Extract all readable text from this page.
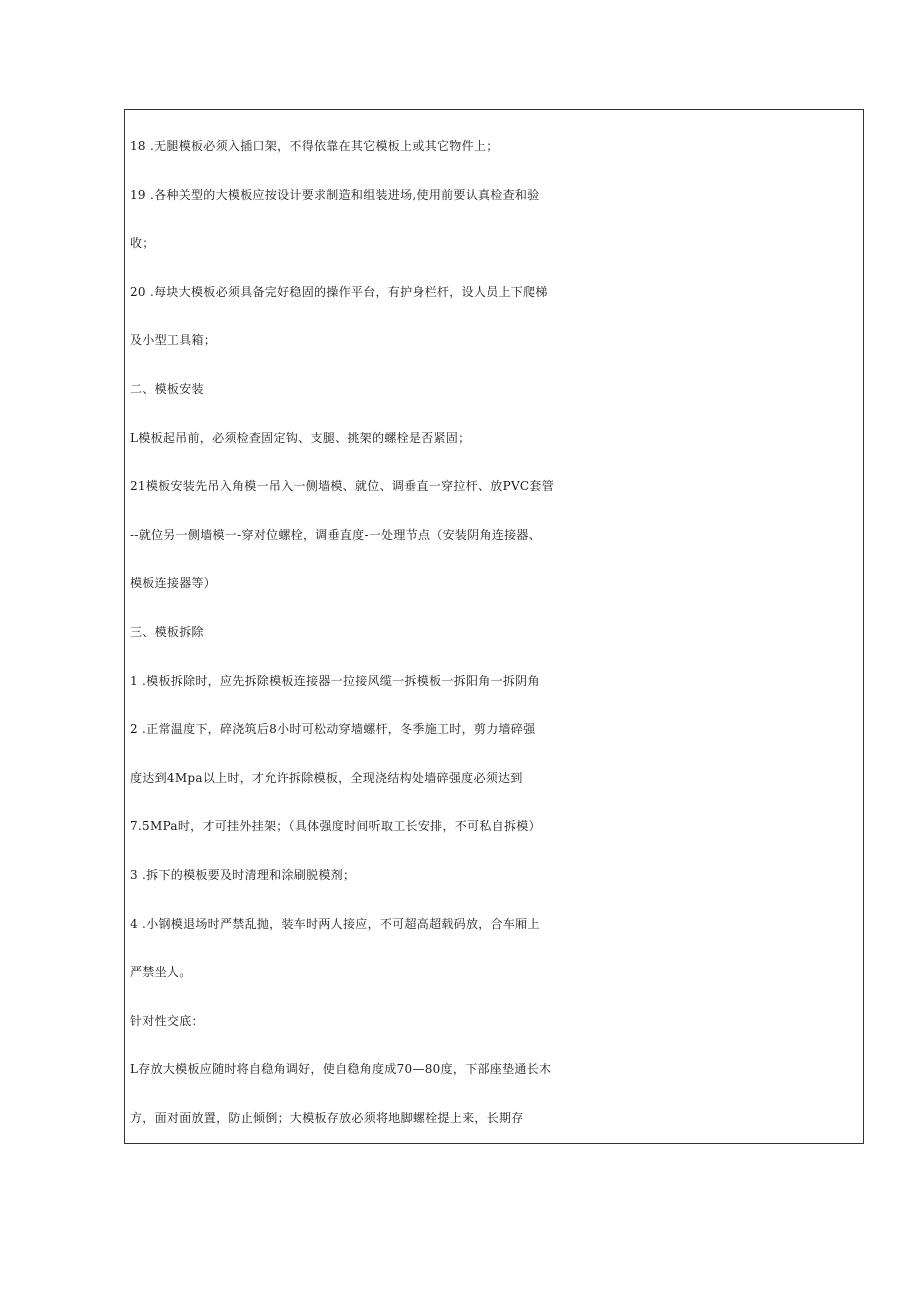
18 .无腿模板必须入插口架，不得依靠在其它模板上或其它物件上；
19 .各种关型的大模板应按设计要求制造和组装进场,使用前要认真检查和验
收；
20 .每块大模板必须具备完好稳固的操作平台，有护身栏杆，设人员上下爬梯
及小型工具箱；
二、模板安装
L模板起吊前，必须检查固定钩、支腿、挑架的螺栓是否紧固；
21模板安装先吊入角模一吊入一侧墙模、就位、调垂直一穿拉杆、放PVC套管
--就位另一侧墙模一-穿对位螺栓，调垂直度-一处理节点（安装阴角连接器、
模板连接器等）
三、模板拆除
1 .模板拆除时，应先拆除模板连接器一拉接风缆一拆模板一拆阳角一拆阴角
2 .正常温度下，碎浇筑后8小时可松动穿墙螺杆，冬季施工时，剪力墙碎强
度达到4Mpa以上时，才允许拆除模板，全现浇结构处墙碎强度必须达到
7.5MPa时，才可挂外挂架；（具体强度时间听取工长安排，不可私自拆模）
3 .拆下的模板要及时清理和涂刷脱模剂；
4 .小钢模退场时严禁乱抛，装车时两人接应，不可超高超载码放，合车厢上
严禁坐人。
针对性交底：
L存放大模板应随时将自稳角调好，使自稳角度成70—80度，下部座垫通长木
方，面对面放置，防止倾倒；大模板存放必须将地脚螺栓提上来，长期存
